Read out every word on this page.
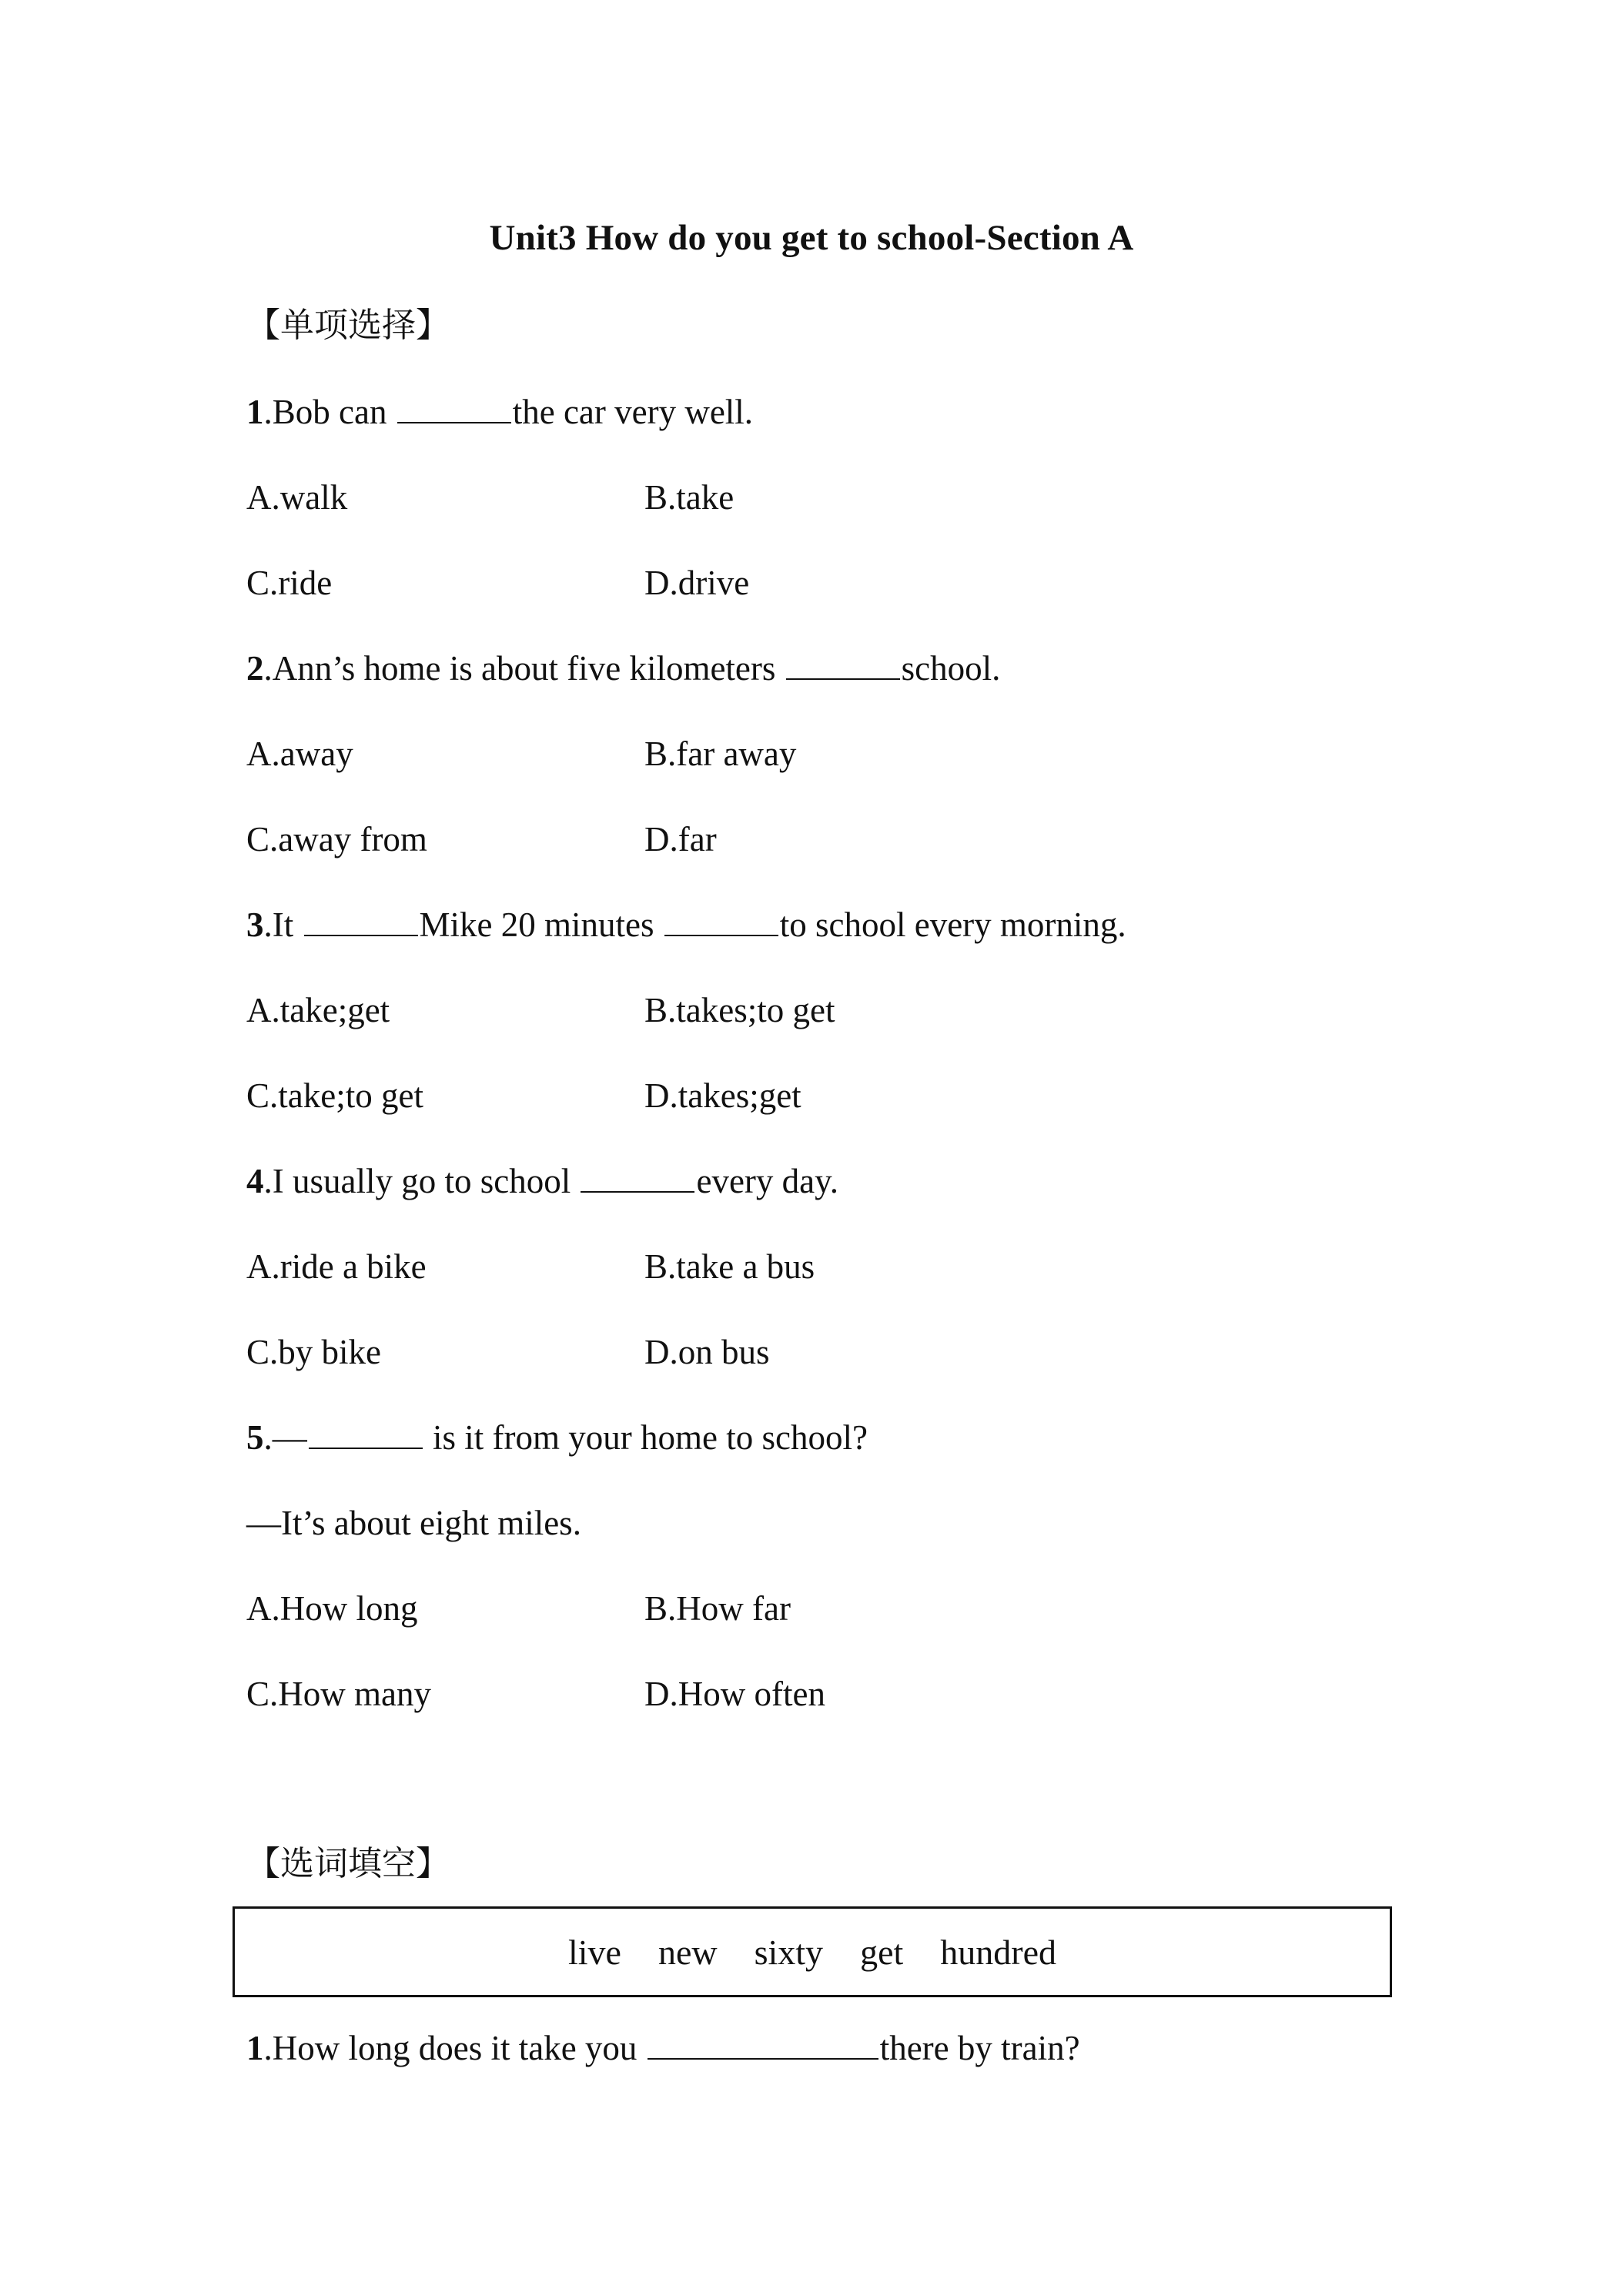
Unit3 How do you get to school-Section A
【单项选择】
1.Bob can	the car very well.
A.walk	B.take
C.ride	D.drive
2.Ann’s home is about five kilometers	school.
A.away	B.far away
C.away from	D.far
3.It	Mike 20 minutes	to school every morning.
A.take;get	B.takes;to get
C.take;to get	D.takes;get
4.I usually go to school	every day.
A.ride a bike	B.take a bus
C.by bike	D.on bus
5.—	is it from your home to school?
—It’s about eight miles.
A.How long	B.How far
C.How many	D.How often
【选词填空】
live new sixty get hundred
1.How long does it take you	there by train?
